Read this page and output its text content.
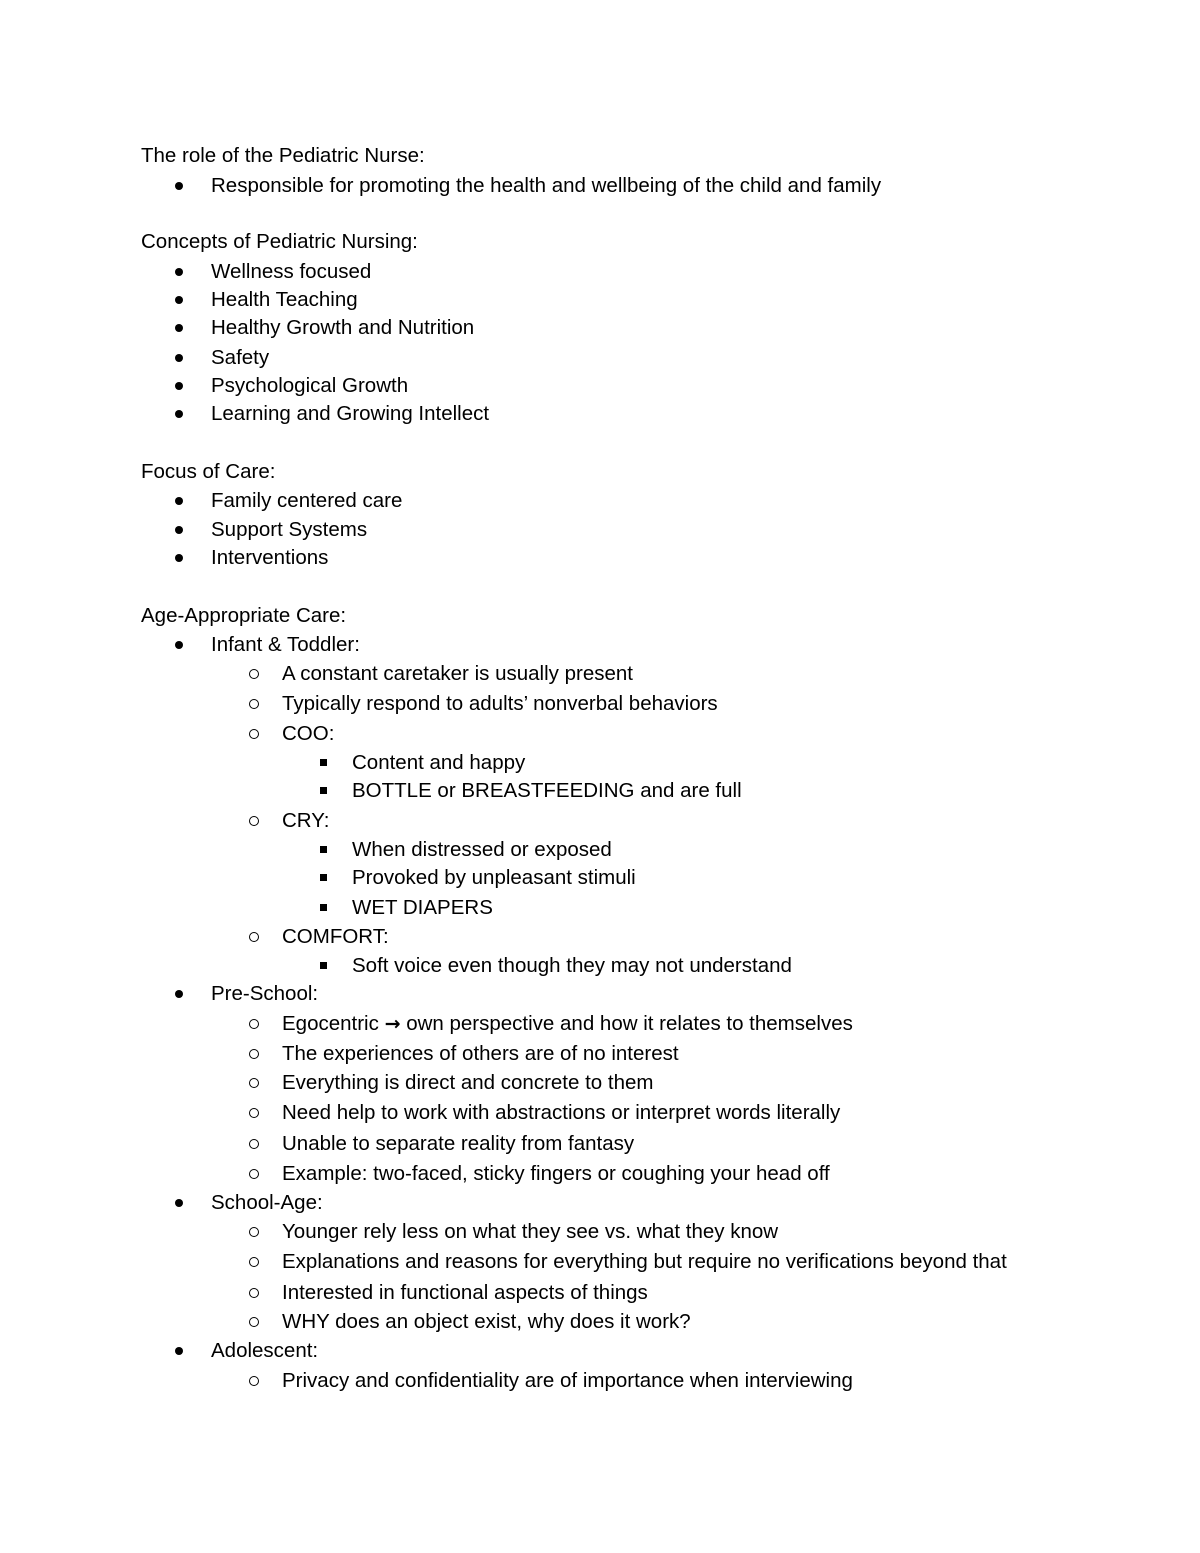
The role of the Pediatric Nurse:
Responsible for promoting the health and wellbeing of the child and family
Concepts of Pediatric Nursing:
Wellness focused
Health Teaching
Healthy Growth and Nutrition
Safety
Psychological Growth
Learning and Growing Intellect
Focus of Care:
Family centered care
Support Systems
Interventions
Age-Appropriate Care:
Infant & Toddler:
A constant caretaker is usually present
Typically respond to adults’ nonverbal behaviors
COO:
Content and happy
BOTTLE or BREASTFEEDING and are full
CRY:
When distressed or exposed
Provoked by unpleasant stimuli
WET DIAPERS
COMFORT:
Soft voice even though they may not understand
Pre-School:
Egocentric → own perspective and how it relates to themselves
The experiences of others are of no interest
Everything is direct and concrete to them
Need help to work with abstractions or interpret words literally
Unable to separate reality from fantasy
Example: two-faced, sticky fingers or coughing your head off
School-Age:
Younger rely less on what they see vs. what they know
Explanations and reasons for everything but require no verifications beyond that
Interested in functional aspects of things
WHY does an object exist, why does it work?
Adolescent:
Privacy and confidentiality are of importance when interviewing
